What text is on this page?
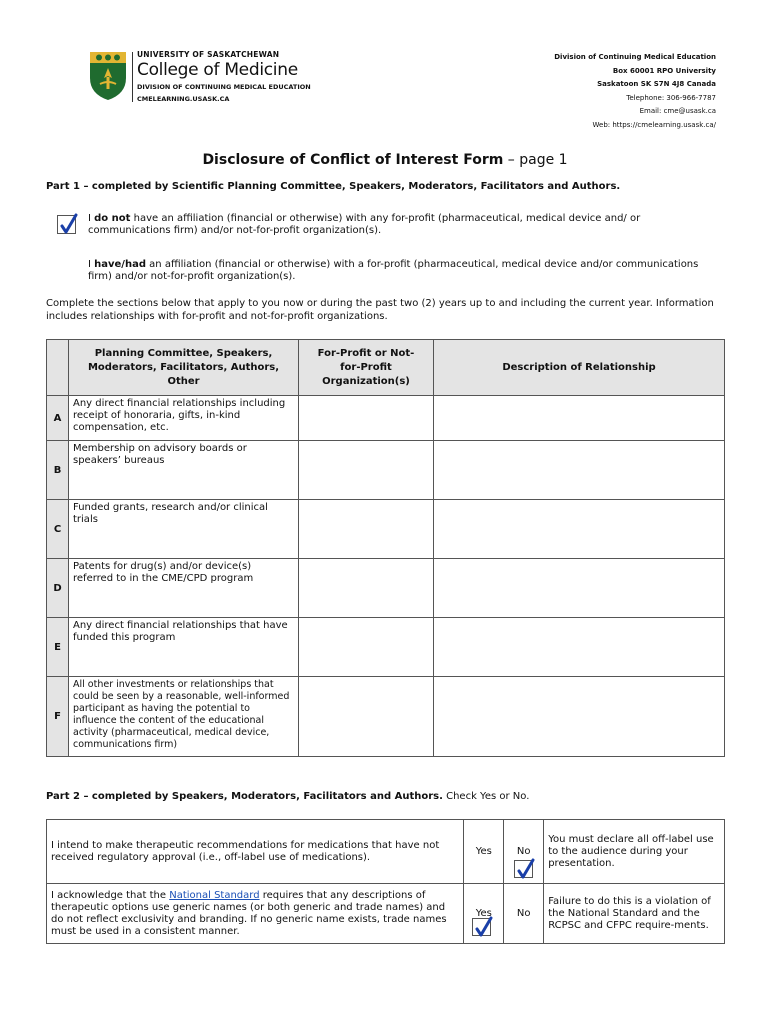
UNIVERSITY OF SASKATCHEWAN
College of Medicine
DIVISION OF CONTINUING MEDICAL EDUCATION
CMELEARNING.USASK.CA
Division of Continuing Medical Education
Box 60001 RPO University
Saskatoon SK S7N 4J8 Canada
Telephone: 306-966-7787
Email: cme@usask.ca
Web: https://cmelearning.usask.ca/
Disclosure of Conflict of Interest Form – page 1
Part 1 – completed by Scientific Planning Committee, Speakers, Moderators, Facilitators and Authors.
I do not have an affiliation (financial or otherwise) with any for-profit (pharmaceutical, medical device and/ or communications firm) and/or not-for-profit organization(s).
I have/had an affiliation (financial or otherwise) with a for-profit (pharmaceutical, medical device and/or communications firm) and/or not-for-profit organization(s).
Complete the sections below that apply to you now or during the past two (2) years up to and including the current year. Information includes relationships with for-profit and not-for-profit organizations.
	Planning Committee, Speakers, Moderators, Facilitators, Authors, Other	For-Profit or Not-for-Profit Organization(s)	Description of Relationship
A	Any direct financial relationships including receipt of honoraria, gifts, in-kind compensation, etc.		
B	Membership on advisory boards or speakers’ bureaus		
C	Funded grants, research and/or clinical trials		
D	Patents for drug(s) and/or device(s) referred to in the CME/CPD program		
E	Any direct financial relationships that have funded this program		
F	All other investments or relationships that could be seen by a reasonable, well-informed participant as having the potential to influence the content of the educational activity (pharmaceutical, medical device, communications firm)		
Part 2 – completed by Speakers, Moderators, Facilitators and Authors. Check Yes or No.
I intend to make therapeutic recommendations for medications that have not received regulatory approval (i.e., off-label use of medications).	Yes	No	You must declare all off-label use to the audience during your presentation.
I acknowledge that the National Standard requires that any descriptions of therapeutic options use generic names (or both generic and trade names) and do not reflect exclusivity and branding. If no generic name exists, trade names must be used in a consistent manner.	Yes	No	Failure to do this is a violation of the National Standard and the RCPSC and CFPC require-ments.
